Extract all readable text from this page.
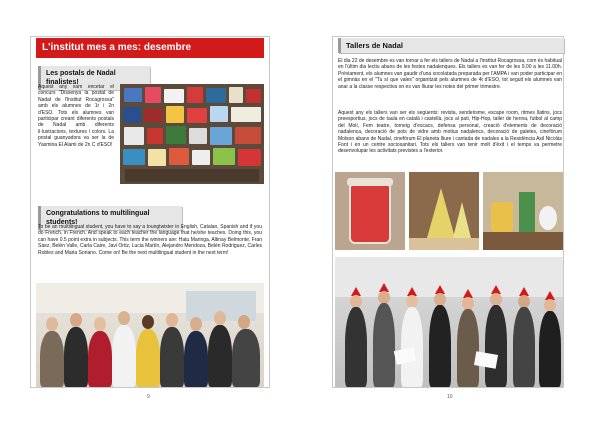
L'institut mes a mes: desembre
Les postals de Nadal finalistes!
Aquest any vam encetar el concurs "Dissenya la postal de Nadal de l'Institut Rocagrossa" amb els alumnes de 1r i 2n d'ESO. Tots els alumnes van participar creant diferents postals de Nadal amb diferents il·lustracions, textures i colors. La postal guanyadora va ser la de Yasmina El Alami de 2n C d'ESO!
Congratulations to multilingual students!
To be an multilingual student, you have to say a toungtwister in English, Catalan, Spanish and if you do French, in French. And speak to each teacher the language that he/she teaches. Doing this, you can have 0.5 point extra in subjects. This term the winners are: Hatu Maringa, Altinay Belmonte, Fran Sáez, Belén Valle, Carla Caire, Javi Ortiz, Lucia Martín, Alejandro Mendoza, Belén Rodriguez, Carles Robles and Maria Soriano. Come on! Be the next multilingual student in the next term!
9
Tallers de Nadal
El dia 22 de desembre es van tornar a fer els tallers de Nadal a l'institut Rocagrossa, com és habitual en l'últim dia lectiu abans de les festes nadalenques. Els tallers es van fer de les 9.00 a les 11.00h. Prèviament, els alumnes van gaudir d'una xocolatada preparada per l'AMPA i van poder participar en el gimnàs en el "Tu sí que vales" organitzat pels alumnes de 4t d'ESO, tot seguit els alumnes van anar a la classe respectiva on es van lliurar les notes del primer trimestre.
Aquest any els tallers van ser els següents: revista, senderisme, escape room, ritmes llatins, jocs preesportius, jocs de taula en català i castellà, jocs al pati, Hip-Hop, taller de henna, futbol al camp del Molí, Fem teatre, torneig d'escacs, defensa personal, creació d'elements de decoració nadalenca, decoració de pots de vidre amb motius nadalencs, decoració de galetes, cinefòrum Molson abans de Nadal, cinefòrum El planeta lliure i cantada de nadales a la Residència Asil Nicolás Font i en un centre sociosanitari. Tots els tallers van tenir molt d'èxit i el temps va permetre desenvolupar les activitats previstes a l'exterior.
10
